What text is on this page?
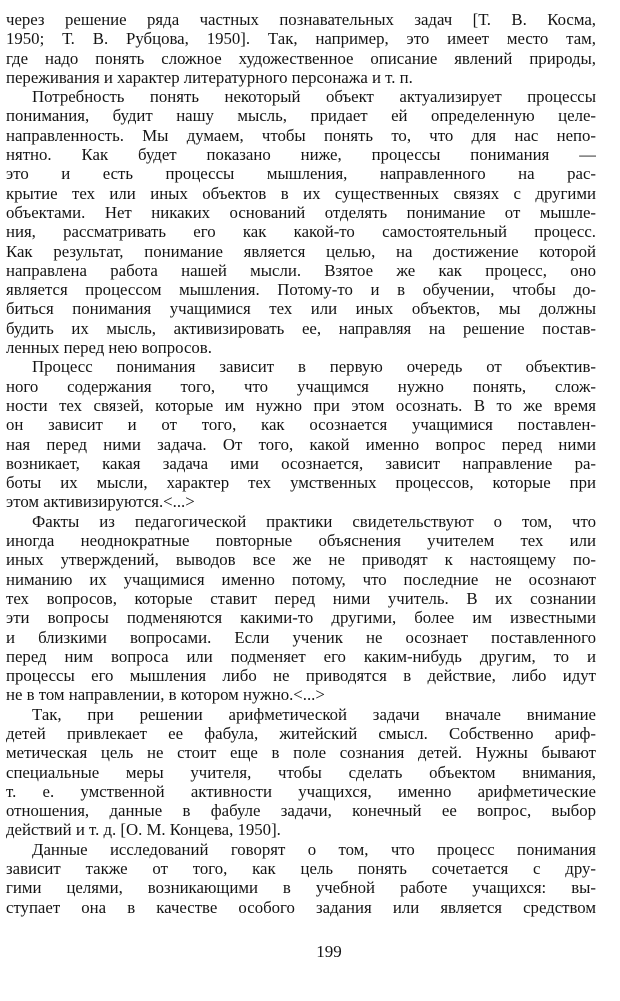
через решение ряда частных познавательных задач [Т. В. Косма,
1950; Т. В. Рубцова, 1950]. Так, например, это имеет место там,
где надо понять сложное художественное описание явлений природы,
переживания и характер литературного персонажа и т. п.
Потребность понять некоторый объект актуализирует процессы
понимания, будит нашу мысль, придает ей определенную целе-
направленность. Мы думаем, чтобы понять то, что для нас непо-
нятно. Как будет показано ниже, процессы понимания —
это и есть процессы мышления, направленного на рас-
крытие тех или иных объектов в их существенных связях с другими
объектами. Нет никаких оснований отделять понимание от мышле-
ния, рассматривать его как какой-то самостоятельный процесс.
Как результат, понимание является целью, на достижение которой
направлена работа нашей мысли. Взятое же как процесс, оно
является процессом мышления. Потому-то и в обучении, чтобы до-
биться понимания учащимися тех или иных объектов, мы должны
будить их мысль, активизировать ее, направляя на решение постав-
ленных перед нею вопросов.
Процесс понимания зависит в первую очередь от объектив-
ного содержания того, что учащимся нужно понять, слож-
ности тех связей, которые им нужно при этом осознать. В то же время
он зависит и от того, как осознается учащимися поставлен-
ная перед ними задача. От того, какой именно вопрос перед ними
возникает, какая задача ими осознается, зависит направление ра-
боты их мысли, характер тех умственных процессов, которые при
этом активизируются.<...>
Факты из педагогической практики свидетельствуют о том, что
иногда неоднократные повторные объяснения учителем тех или
иных утверждений, выводов все же не приводят к настоящему по-
ниманию их учащимися именно потому, что последние не осознают
тех вопросов, которые ставит перед ними учитель. В их сознании
эти вопросы подменяются какими-то другими, более им известными
и близкими вопросами. Если ученик не осознает поставленного
перед ним вопроса или подменяет его каким-нибудь другим, то и
процессы его мышления либо не приводятся в действие, либо идут
не в том направлении, в котором нужно.<...>
Так, при решении арифметической задачи вначале внимание
детей привлекает ее фабула, житейский смысл. Собственно ариф-
метическая цель не стоит еще в поле сознания детей. Нужны бывают
специальные меры учителя, чтобы сделать объектом внимания,
т. е. умственной активности учащихся, именно арифметические
отношения, данные в фабуле задачи, конечный ее вопрос, выбор
действий и т. д. [О. М. Концева, 1950].
Данные исследований говорят о том, что процесс понимания
зависит также от того, как цель понять сочетается с дру-
гими целями, возникающими в учебной работе учащихся: вы-
ступает она в качестве особого задания или является средством
199
